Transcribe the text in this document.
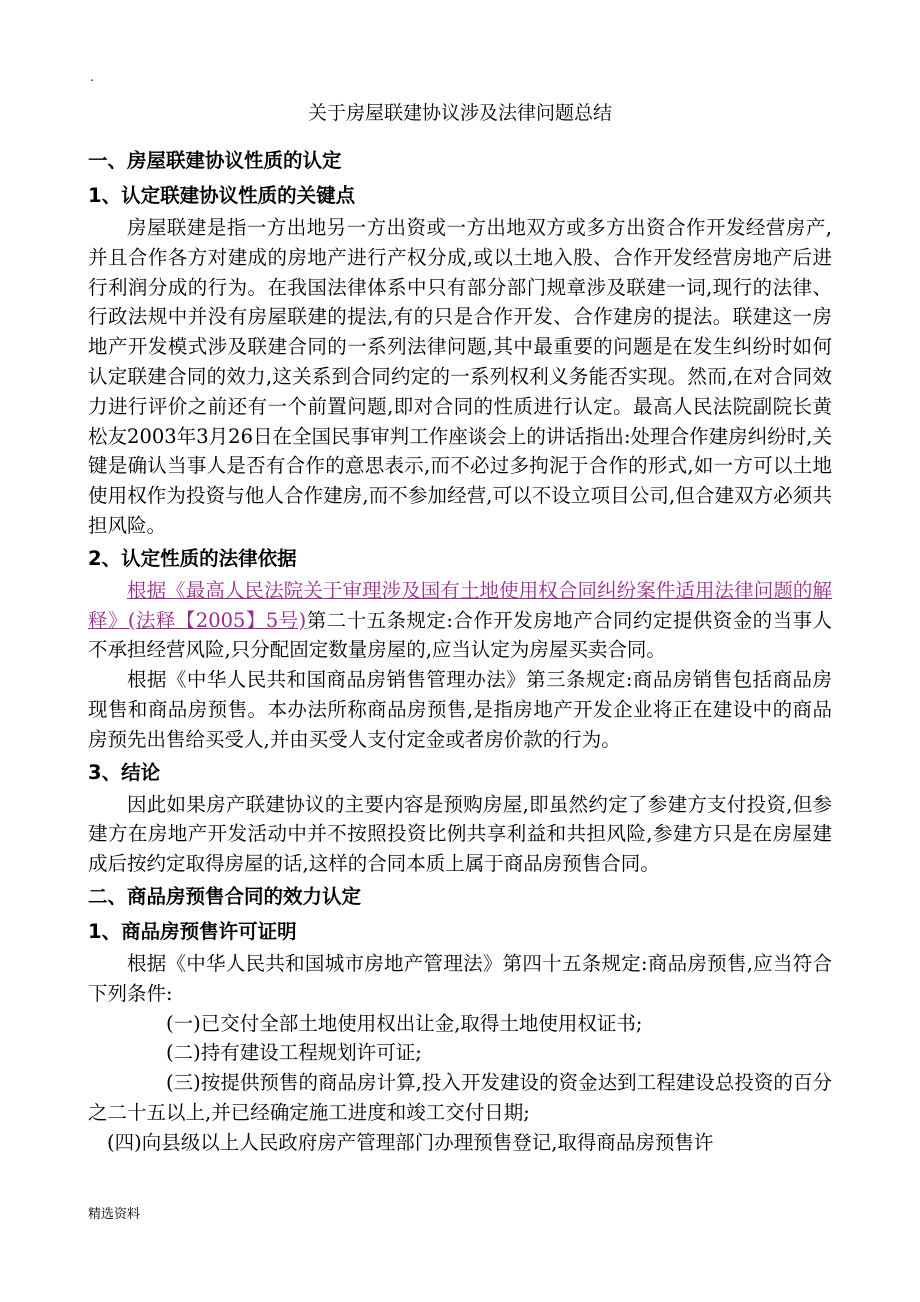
.
关于房屋联建协议涉及法律问题总结

一、房屋联建协议性质的认定

1、认定联建协议性质的关键点

房屋联建是指一方出地另一方出资或一方出地双方或多方出资合作开发经营房产,并且合作各方对建成的房地产进行产权分成,或以土地入股、合作开发经营房地产后进行利润分成的行为。在我国法律体系中只有部分部门规章涉及联建一词,现行的法律、行政法规中并没有房屋联建的提法,有的只是合作开发、合作建房的提法。联建这一房地产开发模式涉及联建合同的一系列法律问题,其中最重要的问题是在发生纠纷时如何认定联建合同的效力,这关系到合同约定的一系列权利义务能否实现。然而,在对合同效力进行评价之前还有一个前置问题,即对合同的性质进行认定。最高人民法院副院长黄松友2003年3月26日在全国民事审判工作座谈会上的讲话指出:处理合作建房纠纷时,关键是确认当事人是否有合作的意思表示,而不必过多拘泥于合作的形式,如一方可以土地使用权作为投资与他人合作建房,而不参加经营,可以不设立项目公司,但合建双方必须共担风险。

2、认定性质的法律依据

根据《最高人民法院关于审理涉及国有土地使用权合同纠纷案件适用法律问题的解释》(法释【2005】5号)第二十五条规定:合作开发房地产合同约定提供资金的当事人不承担经营风险,只分配固定数量房屋的,应当认定为房屋买卖合同。

根据《中华人民共和国商品房销售管理办法》第三条规定:商品房销售包括商品房现售和商品房预售。本办法所称商品房预售,是指房地产开发企业将正在建设中的商品房预先出售给买受人,并由买受人支付定金或者房价款的行为。

3、结论

因此如果房产联建协议的主要内容是预购房屋,即虽然约定了参建方支付投资,但参建方在房地产开发活动中并不按照投资比例共享利益和共担风险,参建方只是在房屋建成后按约定取得房屋的话,这样的合同本质上属于商品房预售合同。

二、商品房预售合同的效力认定

1、商品房预售许可证明

根据《中华人民共和国城市房地产管理法》第四十五条规定:商品房预售,应当符合下列条件:

(一)已交付全部土地使用权出让金,取得土地使用权证书;

(二)持有建设工程规划许可证;

(三)按提供预售的商品房计算,投入开发建设的资金达到工程建设总投资的百分之二十五以上,并已经确定施工进度和竣工交付日期;

(四)向县级以上人民政府房产管理部门办理预售登记,取得商品房预售许

精选资料
